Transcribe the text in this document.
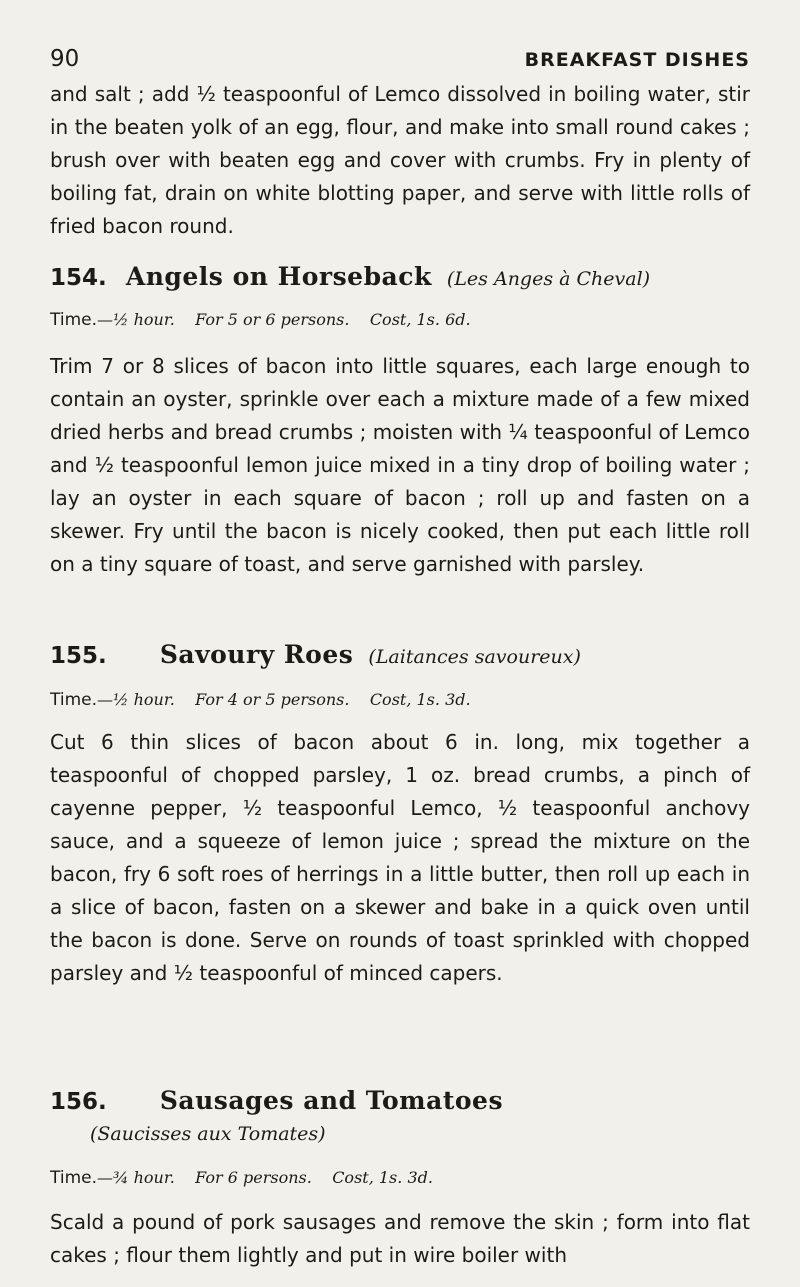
90	BREAKFAST DISHES

and salt ; add ½ teaspoonful of Lemco dissolved in boiling water, stir in the beaten yolk of an egg, flour, and make into small round cakes ; brush over with beaten egg and cover with crumbs. Fry in plenty of boiling fat, drain on white blotting paper, and serve with little rolls of fried bacon round.

154. Angels on Horseback (Les Anges à Cheval)
Time.—½ hour. For 5 or 6 persons. Cost, 1s. 6d.

Trim 7 or 8 slices of bacon into little squares, each large enough to contain an oyster, sprinkle over each a mixture made of a few mixed dried herbs and bread crumbs ; moisten with ¼ teaspoonful of Lemco and ½ teaspoonful lemon juice mixed in a tiny drop of boiling water ; lay an oyster in each square of bacon ; roll up and fasten on a skewer. Fry until the bacon is nicely cooked, then put each little roll on a tiny square of toast, and serve garnished with parsley.

155. Savoury Roes (Laitances savoureux)
Time.—½ hour. For 4 or 5 persons. Cost, 1s. 3d.

Cut 6 thin slices of bacon about 6 in. long, mix together a teaspoonful of chopped parsley, 1 oz. bread crumbs, a pinch of cayenne pepper, ½ teaspoonful Lemco, ½ teaspoonful anchovy sauce, and a squeeze of lemon juice ; spread the mixture on the bacon, fry 6 soft roes of herrings in a little butter, then roll up each in a slice of bacon, fasten on a skewer and bake in a quick oven until the bacon is done. Serve on rounds of toast sprinkled with chopped parsley and ½ teaspoonful of minced capers.

156. Sausages and Tomatoes
(Saucisses aux Tomates)
Time.—¾ hour. For 6 persons. Cost, 1s. 3d.

Scald a pound of pork sausages and remove the skin ; form into flat cakes ; flour them lightly and put in wire boiler with
